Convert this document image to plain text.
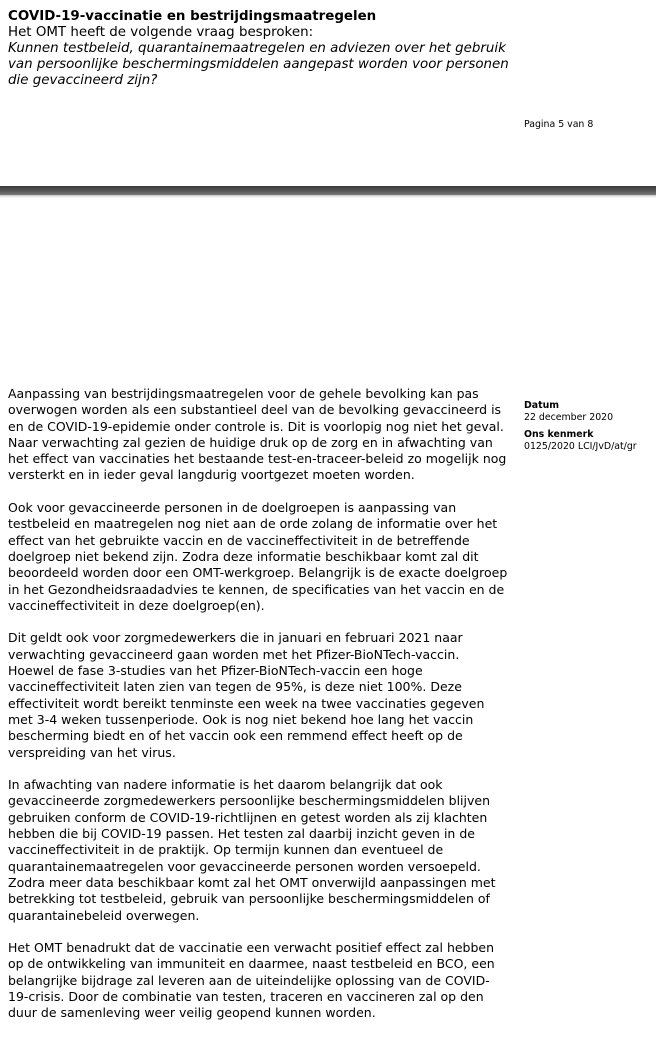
COVID-19-vaccinatie en bestrijdingsmaatregelen
Het OMT heeft de volgende vraag besproken:
Kunnen testbeleid, quarantainemaatregelen en adviezen over het gebruik van persoonlijke beschermingsmiddelen aangepast worden voor personen die gevaccineerd zijn?
Pagina 5 van 8

Aanpassing van bestrijdingsmaatregelen voor de gehele bevolking kan pas overwogen worden als een substantieel deel van de bevolking gevaccineerd is en de COVID-19-epidemie onder controle is. Dit is voorlopig nog niet het geval. Naar verwachting zal gezien de huidige druk op de zorg en in afwachting van het effect van vaccinaties het bestaande test-en-traceer-beleid zo mogelijk nog versterkt en in ieder geval langdurig voortgezet moeten worden.

Ook voor gevaccineerde personen in de doelgroepen is aanpassing van testbeleid en maatregelen nog niet aan de orde zolang de informatie over het effect van het gebruikte vaccin en de vaccineffectiviteit in de betreffende doelgroep niet bekend zijn. Zodra deze informatie beschikbaar komt zal dit beoordeeld worden door een OMT-werkgroep. Belangrijk is de exacte doelgroep in het Gezondheidsraadadvies te kennen, de specificaties van het vaccin en de vaccineffectiviteit in deze doelgroep(en).

Dit geldt ook voor zorgmedewerkers die in januari en februari 2021 naar verwachting gevaccineerd gaan worden met het Pfizer-BioNTech-vaccin. Hoewel de fase 3-studies van het Pfizer-BioNTech-vaccin een hoge vaccineffectiviteit laten zien van tegen de 95%, is deze niet 100%. Deze effectiviteit wordt bereikt tenminste een week na twee vaccinaties gegeven met 3-4 weken tussenperiode. Ook is nog niet bekend hoe lang het vaccin bescherming biedt en of het vaccin ook een remmend effect heeft op de verspreiding van het virus.

In afwachting van nadere informatie is het daarom belangrijk dat ook gevaccineerde zorgmedewerkers persoonlijke beschermingsmiddelen blijven gebruiken conform de COVID-19-richtlijnen en getest worden als zij klachten hebben die bij COVID-19 passen. Het testen zal daarbij inzicht geven in de vaccineffectiviteit in de praktijk. Op termijn kunnen dan eventueel de quarantainemaatregelen voor gevaccineerde personen worden versoepeld. Zodra meer data beschikbaar komt zal het OMT onverwijld aanpassingen met betrekking tot testbeleid, gebruik van persoonlijke beschermingsmiddelen of quarantainebeleid overwegen.

Het OMT benadrukt dat de vaccinatie een verwacht positief effect zal hebben op de ontwikkeling van immuniteit en daarmee, naast testbeleid en BCO, een belangrijke bijdrage zal leveren aan de uiteindelijke oplossing van de COVID-19-crisis. Door de combinatie van testen, traceren en vaccineren zal op den duur de samenleving weer veilig geopend kunnen worden.

Datum
22 december 2020
Ons kenmerk
0125/2020 LCI/JvD/at/gr
